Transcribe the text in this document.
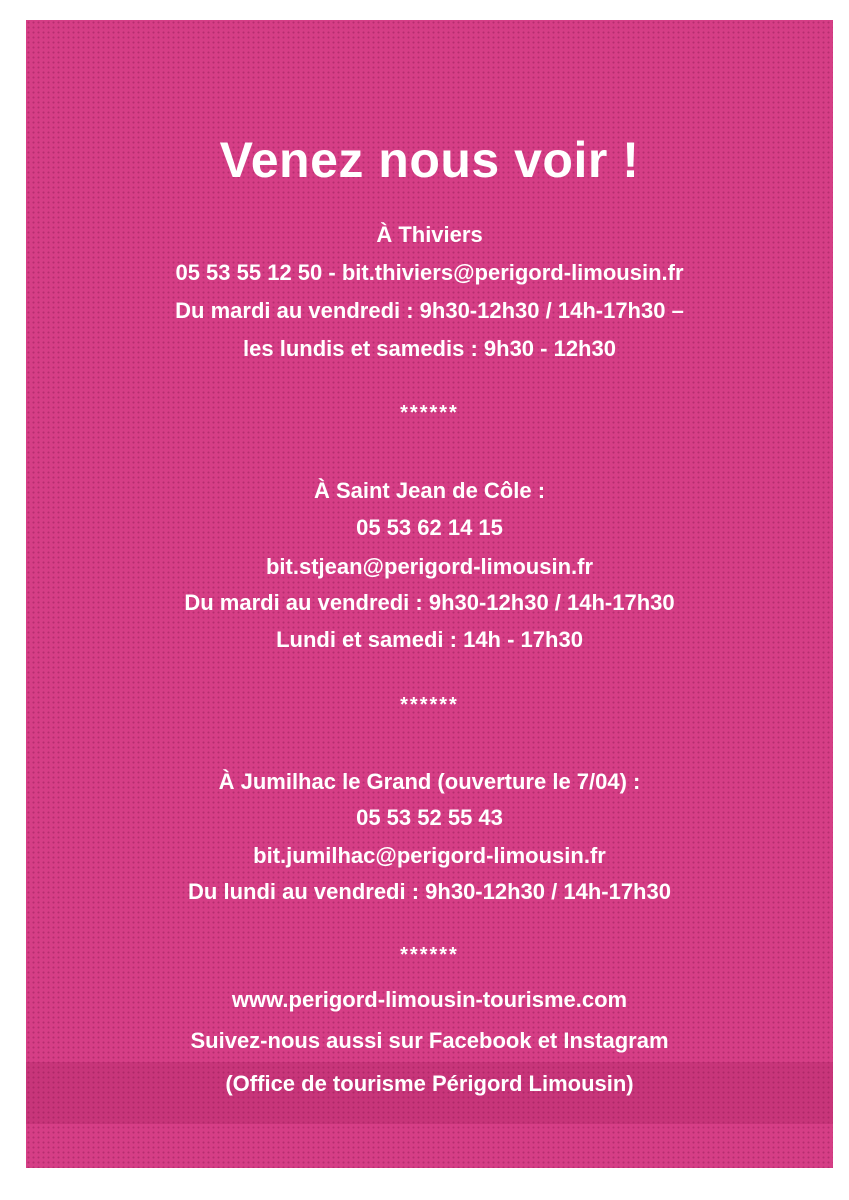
Venez nous voir !
À Thiviers
05 53 55 12 50 - bit.thiviers@perigord-limousin.fr
Du mardi au vendredi : 9h30-12h30 / 14h-17h30 –
les lundis et samedis : 9h30 - 12h30
******
À Saint Jean de Côle :
05 53 62 14 15
bit.stjean@perigord-limousin.fr
Du mardi au vendredi : 9h30-12h30 / 14h-17h30
Lundi et samedi : 14h - 17h30
******
À Jumilhac le Grand (ouverture le 7/04) :
05 53 52 55 43
bit.jumilhac@perigord-limousin.fr
Du lundi au vendredi : 9h30-12h30 / 14h-17h30
******
www.perigord-limousin-tourisme.com
Suivez-nous aussi sur Facebook et Instagram
(Office de tourisme Périgord Limousin)
